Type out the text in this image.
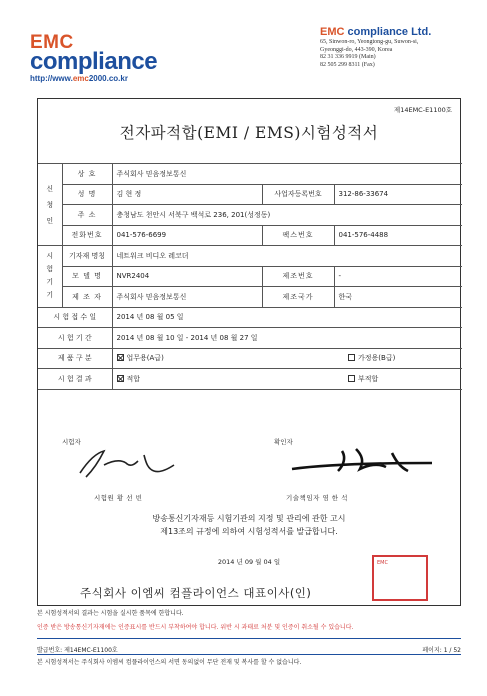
EMC
compliance
http://www.emc2000.co.kr
EMC compliance Ltd.
65, Sinwon-ro, Yeongtong-gu, Suwon-si,
Gyeonggi-do, 443-390, Korea
82 31 336 9919 (Main)
82 505 299 8311 (Fax)
제14EMC-E1100호
전자파적합(EMI / EMS)시험성적서
신청인	상 호	주식회사 믿음정보통신		
	성 명	김 현 정	사업자등록번호	312-86-33674
	주 소	충청남도 천안시 서북구 백석로 236, 201(성정동)		
	전화번호	041-576-6699	팩스번호	041-576-4488
시험기기	기자재 명칭	네트워크 비디오 레코더		
	모 델 명	NVR2404	제조번호	-
	제 조 자	주식회사 믿음정보통신	제조국가	한국
시 험 접 수 일		2014 년 08 월 05 일		
시 험 기 간		2014 년 08 월 10 일 - 2014 년 08 월 27 일		
제 품 구 분		업무용(A급)	가정용(B급)	
시 험 결 과		적합	부적합	
시험자
시험원 황 선 빈
확인자
기술책임자 염 한 석
방송통신기자재등 시험기관의 지정 및 관리에 관한 고시
제13조의 규정에 의하여 시험성적서를 발급합니다.
2014 년 09 월 04 일
주식회사 이엠씨 컴플라이언스 대표이사(인)
EMC
본 시험성적서의 결과는 시험을 실시한 품목에 한합니다.
인증 받은 방송통신기자재에는 인증표시를 반드시 부착하여야 합니다. 위반 시 과태료 처분 및 인증이 취소될 수 있습니다.
발급번호: 제14EMC-E1100호	페이지: 1 / 52
본 시험성적서는 주식회사 이엠씨 컴플라이언스의 서면 동의없이 무단 전재 및 복사를 할 수 없습니다.
